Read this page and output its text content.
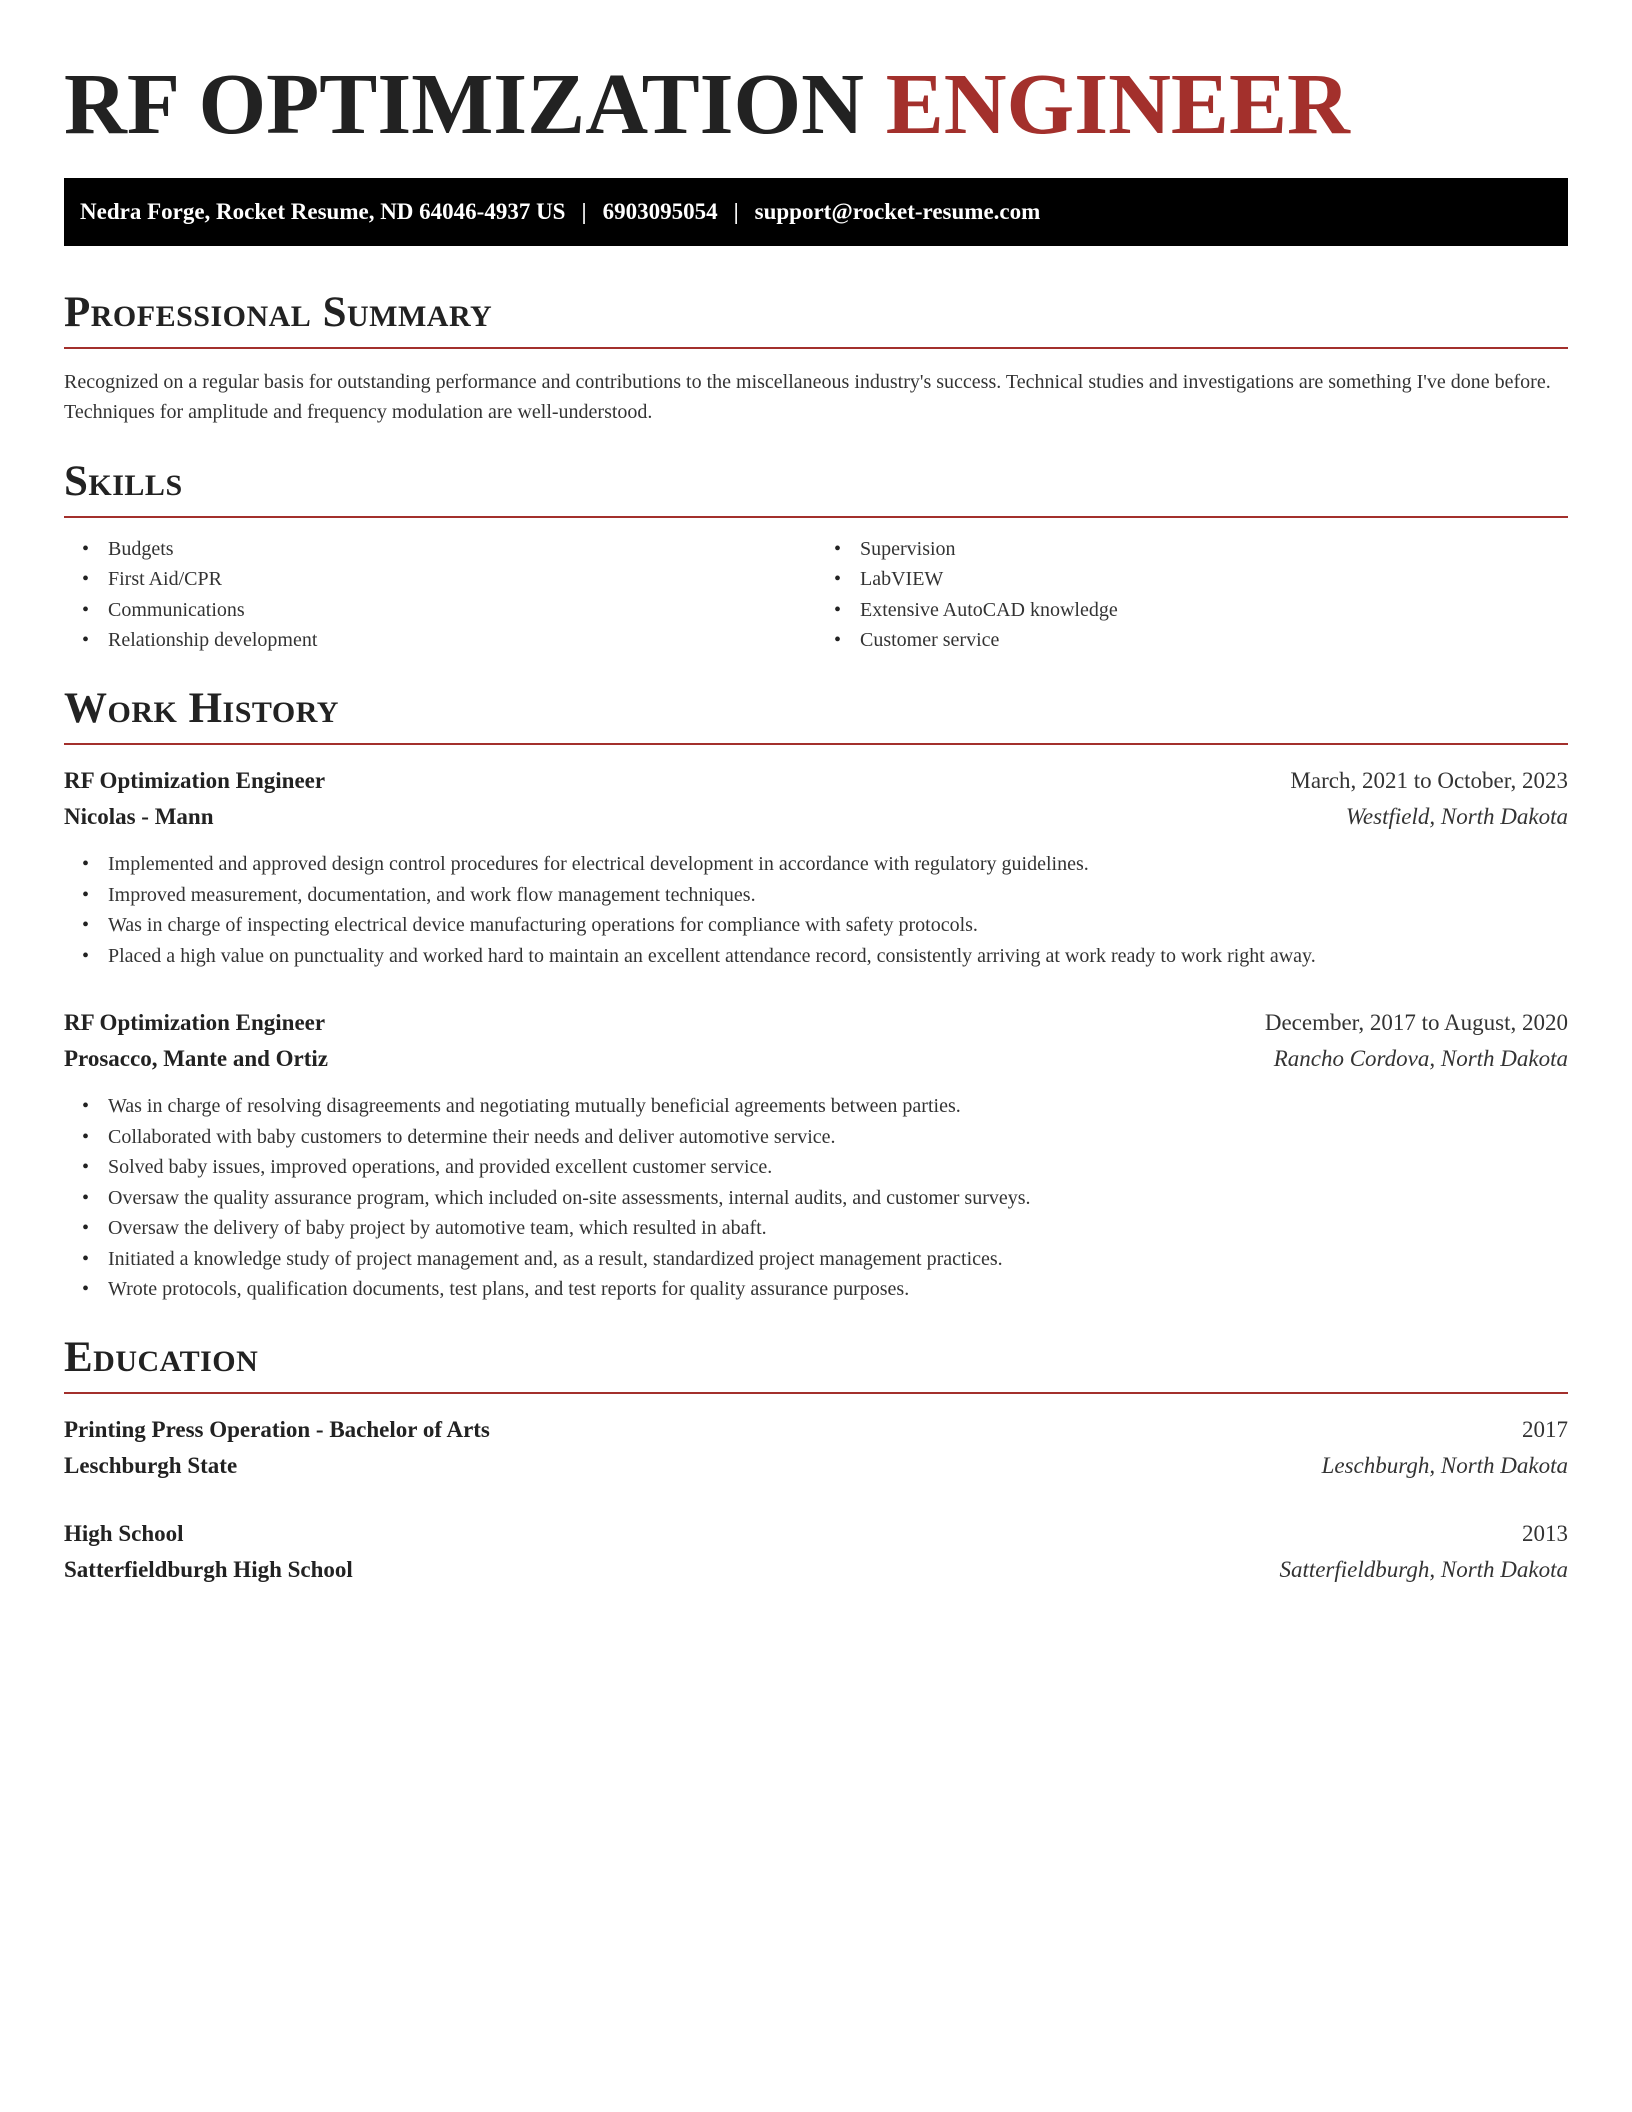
RF OPTIMIZATION ENGINEER
Nedra Forge, Rocket Resume, ND 64046-4937 US | 6903095054 | support@rocket-resume.com
Professional Summary

Recognized on a regular basis for outstanding performance and contributions to the miscellaneous industry's success. Technical studies and investigations are something I've done before. Techniques for amplitude and frequency modulation are well-understood.

Skills
• Budgets
• First Aid/CPR
• Communications
• Relationship development
• Supervision
• LabVIEW
• Extensive AutoCAD knowledge
• Customer service
Work History
RF Optimization Engineer	March, 2021 to October, 2023
Nicolas - Mann	Westfield, North Dakota
• Implemented and approved design control procedures for electrical development in accordance with regulatory guidelines.
• Improved measurement, documentation, and work flow management techniques.
• Was in charge of inspecting electrical device manufacturing operations for compliance with safety protocols.
• Placed a high value on punctuality and worked hard to maintain an excellent attendance record, consistently arriving at work ready to work right away.
RF Optimization Engineer	December, 2017 to August, 2020
Prosacco, Mante and Ortiz	Rancho Cordova, North Dakota
• Was in charge of resolving disagreements and negotiating mutually beneficial agreements between parties.
• Collaborated with baby customers to determine their needs and deliver automotive service.
• Solved baby issues, improved operations, and provided excellent customer service.
• Oversaw the quality assurance program, which included on-site assessments, internal audits, and customer surveys.
• Oversaw the delivery of baby project by automotive team, which resulted in abaft.
• Initiated a knowledge study of project management and, as a result, standardized project management practices.
• Wrote protocols, qualification documents, test plans, and test reports for quality assurance purposes.
Education
Printing Press Operation - Bachelor of Arts	2017
Leschburgh State	Leschburgh, North Dakota
High School	2013
Satterfieldburgh High School	Satterfieldburgh, North Dakota
